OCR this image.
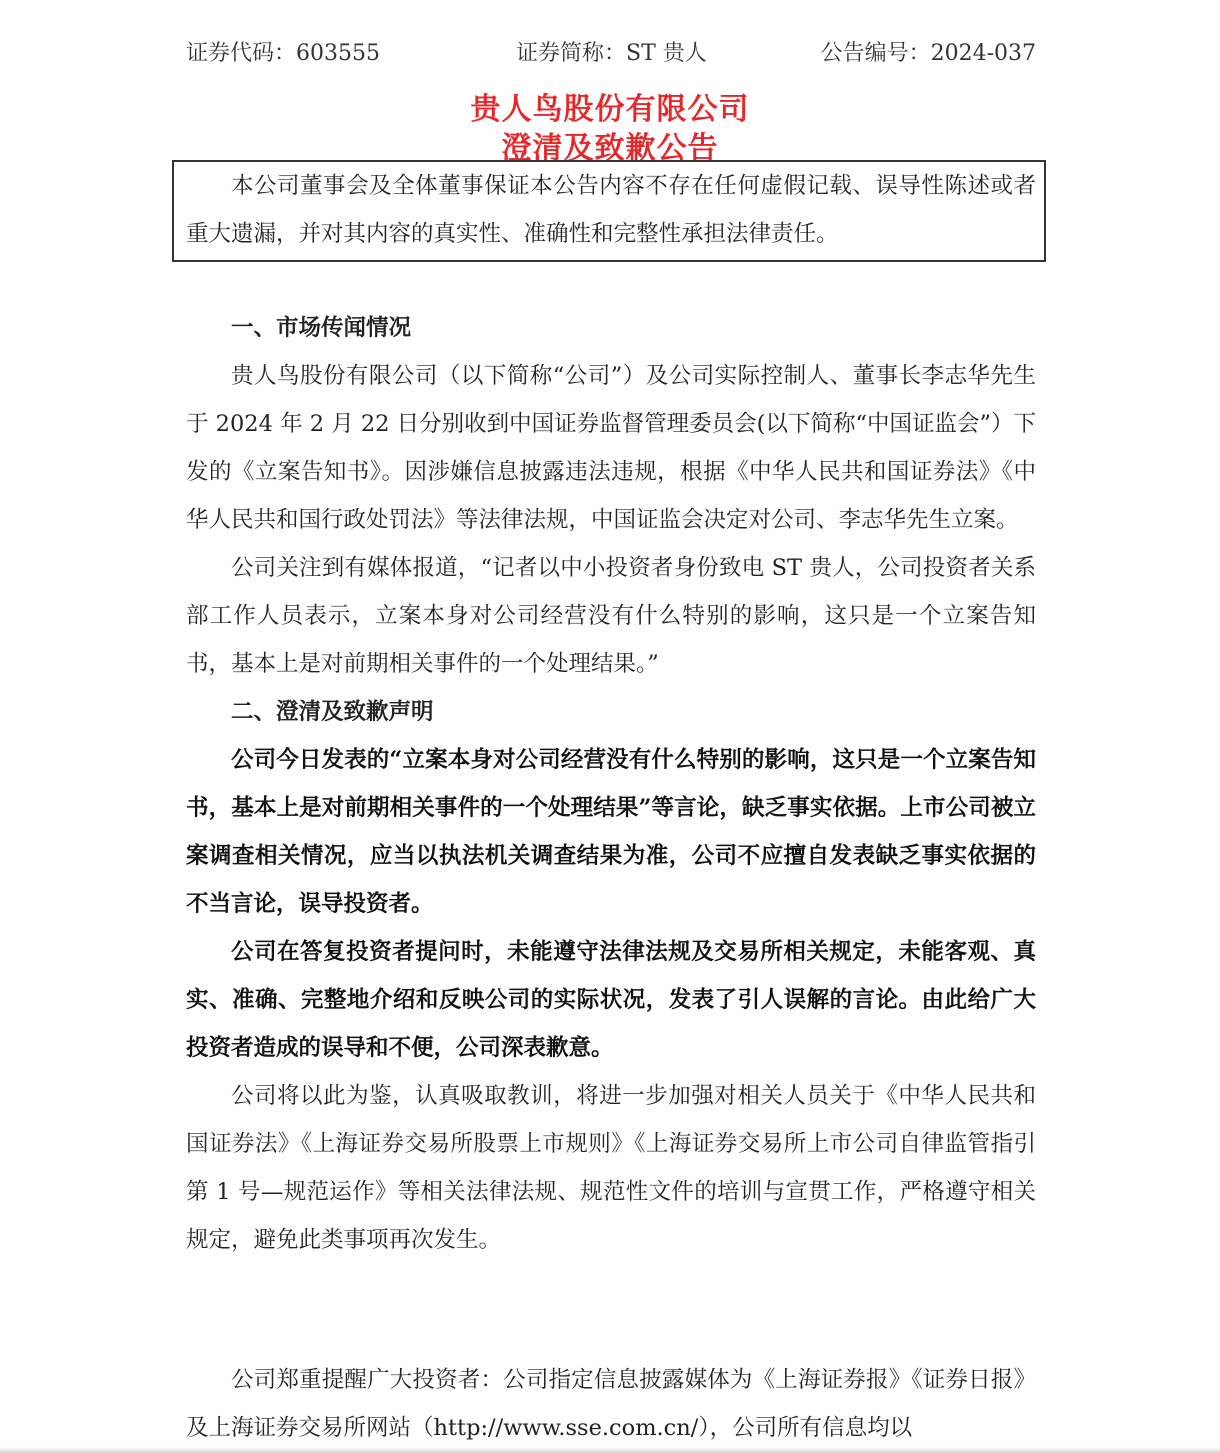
证券代码：603555	证券简称：ST 贵人	公告编号：2024-037
贵人鸟股份有限公司
澄清及致歉公告

本公司董事会及全体董事保证本公告内容不存在任何虚假记载、误导性陈述或者重大遗漏，并对其内容的真实性、准确性和完整性承担法律责任。

一、市场传闻情况

贵人鸟股份有限公司（以下简称“公司”）及公司实际控制人、董事长李志华先生于 2024 年 2 月 22 日分别收到中国证券监督管理委员会(以下简称“中国证监会”）下发的《立案告知书》。因涉嫌信息披露违法违规，根据《中华人民共和国证券法》《中华人民共和国行政处罚法》等法律法规，中国证监会决定对公司、李志华先生立案。

公司关注到有媒体报道，“记者以中小投资者身份致电 ST 贵人，公司投资者关系部工作人员表示，立案本身对公司经营没有什么特别的影响，这只是一个立案告知书，基本上是对前期相关事件的一个处理结果。”

二、澄清及致歉声明

公司今日发表的“立案本身对公司经营没有什么特别的影响，这只是一个立案告知书，基本上是对前期相关事件的一个处理结果”等言论，缺乏事实依据。上市公司被立案调查相关情况，应当以执法机关调查结果为准，公司不应擅自发表缺乏事实依据的不当言论，误导投资者。

公司在答复投资者提问时，未能遵守法律法规及交易所相关规定，未能客观、真实、准确、完整地介绍和反映公司的实际状况，发表了引人误解的言论。由此给广大投资者造成的误导和不便，公司深表歉意。

公司将以此为鉴，认真吸取教训，将进一步加强对相关人员关于《中华人民共和国证券法》《上海证券交易所股票上市规则》《上海证券交易所上市公司自律监管指引第 1 号—规范运作》等相关法律法规、规范性文件的培训与宣贯工作，严格遵守相关规定，避免此类事项再次发生。

公司郑重提醒广大投资者：公司指定信息披露媒体为《上海证券报》《证券日报》及上海证券交易所网站（http://www.sse.com.cn/），公司所有信息均以
